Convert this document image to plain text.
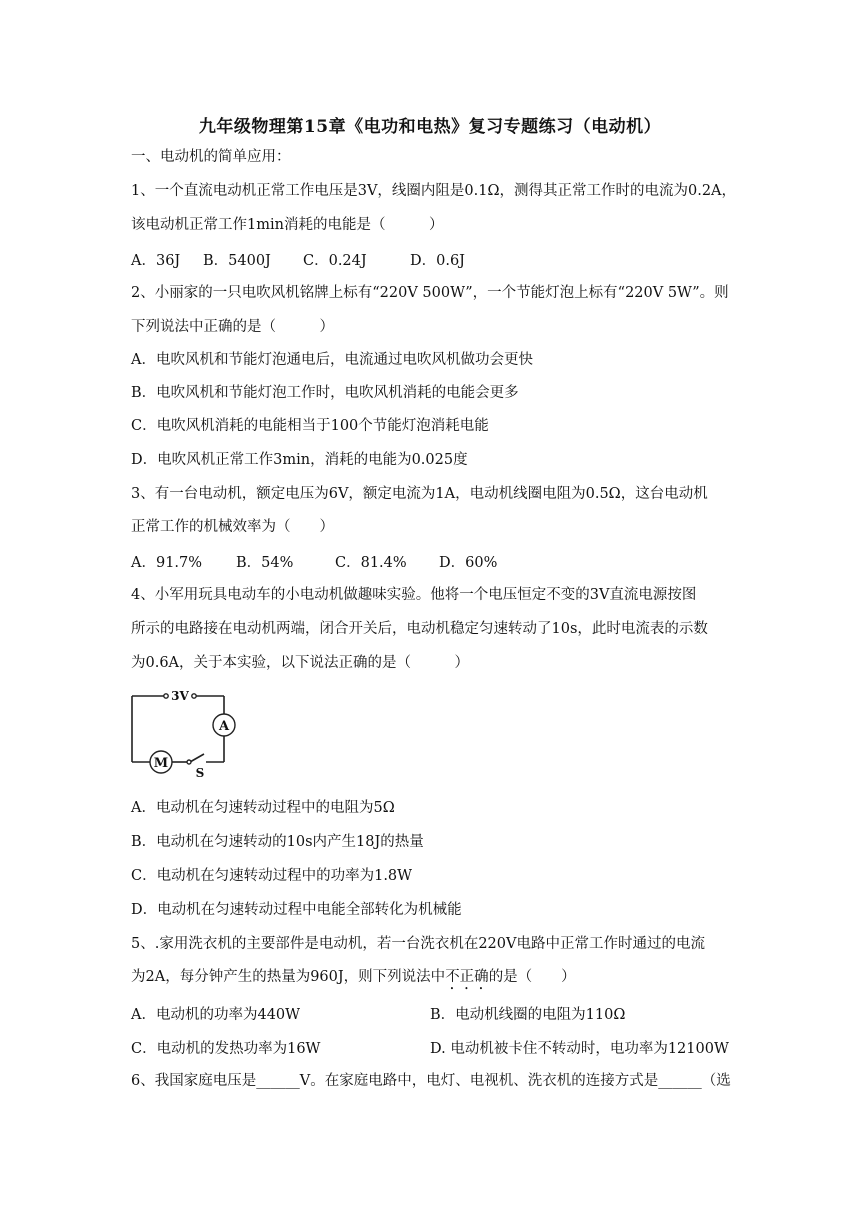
九年级物理第15章《电功和电热》复习专题练习（电动机）
一、电动机的简单应用：
1、一个直流电动机正常工作电压是3V，线圈内阻是0.1Ω，测得其正常工作时的电流为0.2A，
该电动机正常工作1min消耗的电能是（　　　）
A．36J B．5400J C．0.24J	D．0.6J
2、小丽家的一只电吹风机铭牌上标有“220V 500W”，一个节能灯泡上标有“220V 5W”。则
下列说法中正确的是（　　　）
A．电吹风机和节能灯泡通电后，电流通过电吹风机做功会更快
B．电吹风机和节能灯泡工作时，电吹风机消耗的电能会更多
C．电吹风机消耗的电能相当于100个节能灯泡消耗电能
D．电吹风机正常工作3min，消耗的电能为0.025度
3、有一台电动机，额定电压为6V，额定电流为1A，电动机线圈电阻为0.5Ω，这台电动机
正常工作的机械效率为（　　）
A．91.7% B．54%	C．81.4% D．60%
4、小军用玩具电动车的小电动机做趣味实验。他将一个电压恒定不变的3V直流电源按图
所示的电路接在电动机两端，闭合开关后，电动机稳定匀速转动了10s，此时电流表的示数
为0.6A，关于本实验，以下说法正确的是（　　　）
3V
A
M
S
A．电动机在匀速转动过程中的电阻为5Ω
B．电动机在匀速转动的10s内产生18J的热量
C．电动机在匀速转动过程中的功率为1.8W
D．电动机在匀速转动过程中电能全部转化为机械能
5、.家用洗衣机的主要部件是电动机，若一台洗衣机在220V电路中正常工作时通过的电流
为2A，每分钟产生的热量为960J，则下列说法中不正确的是（　　）
A．电动机的功率为440W	B．电动机线圈的电阻为110Ω
C．电动机的发热功率为16W	D. 电动机被卡住不转动时，电功率为12100W
6、我国家庭电压是______V。在家庭电路中，电灯、电视机、洗衣机的连接方式是______（选
